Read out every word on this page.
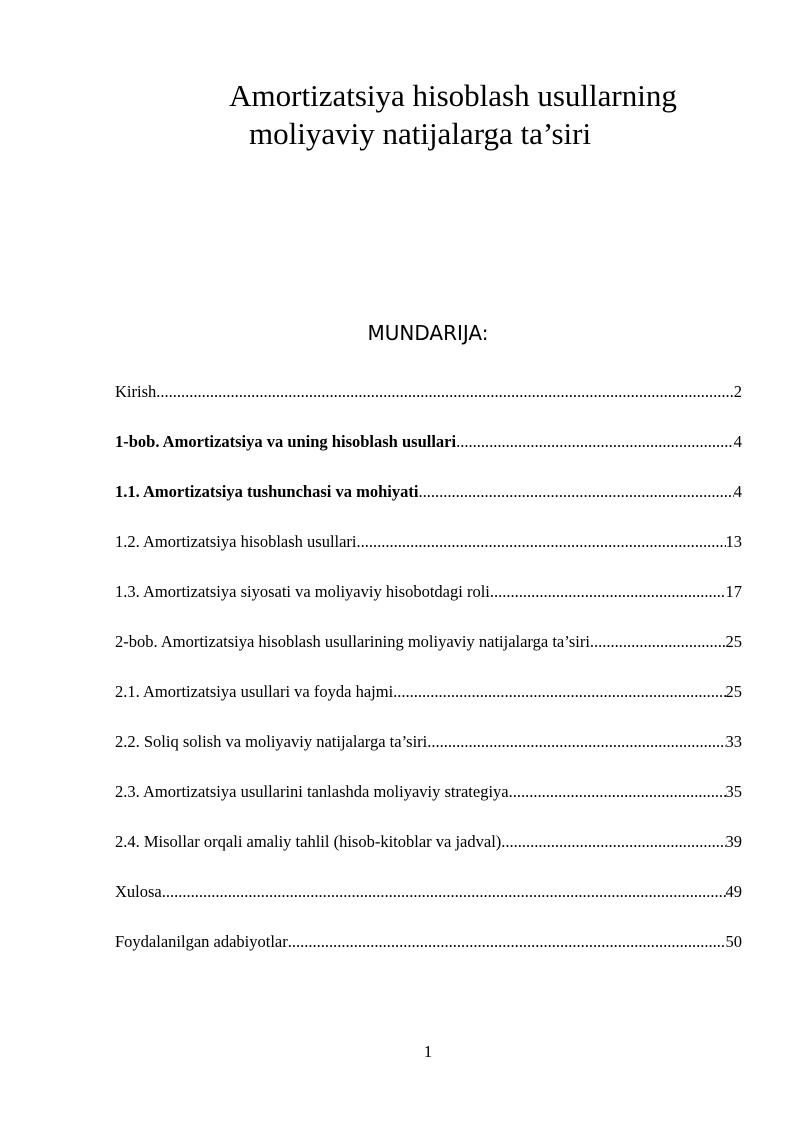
Amortizatsiya hisoblash usullarning
moliyaviy natijalarga ta’siri
MUNDARIJA:
Kirish .....	2
1-bob. Amortizatsiya va uning hisoblash usullari .....	4
1.1. Amortizatsiya tushunchasi va mohiyati .....	4
1.2. Amortizatsiya hisoblash usullari .....	13
1.3. Amortizatsiya siyosati va moliyaviy hisobotdagi roli .....	17
2-bob. Amortizatsiya hisoblash usullarining moliyaviy natijalarga ta’siri .....	25
2.1. Amortizatsiya usullari va foyda hajmi .....	25
2.2. Soliq solish va moliyaviy natijalarga ta’siri .....	33
2.3. Amortizatsiya usullarini tanlashda moliyaviy strategiya .....	35
2.4. Misollar orqali amaliy tahlil (hisob-kitoblar va jadval) .....	39
Xulosa .....	49
Foydalanilgan adabiyotlar .....	50
1
